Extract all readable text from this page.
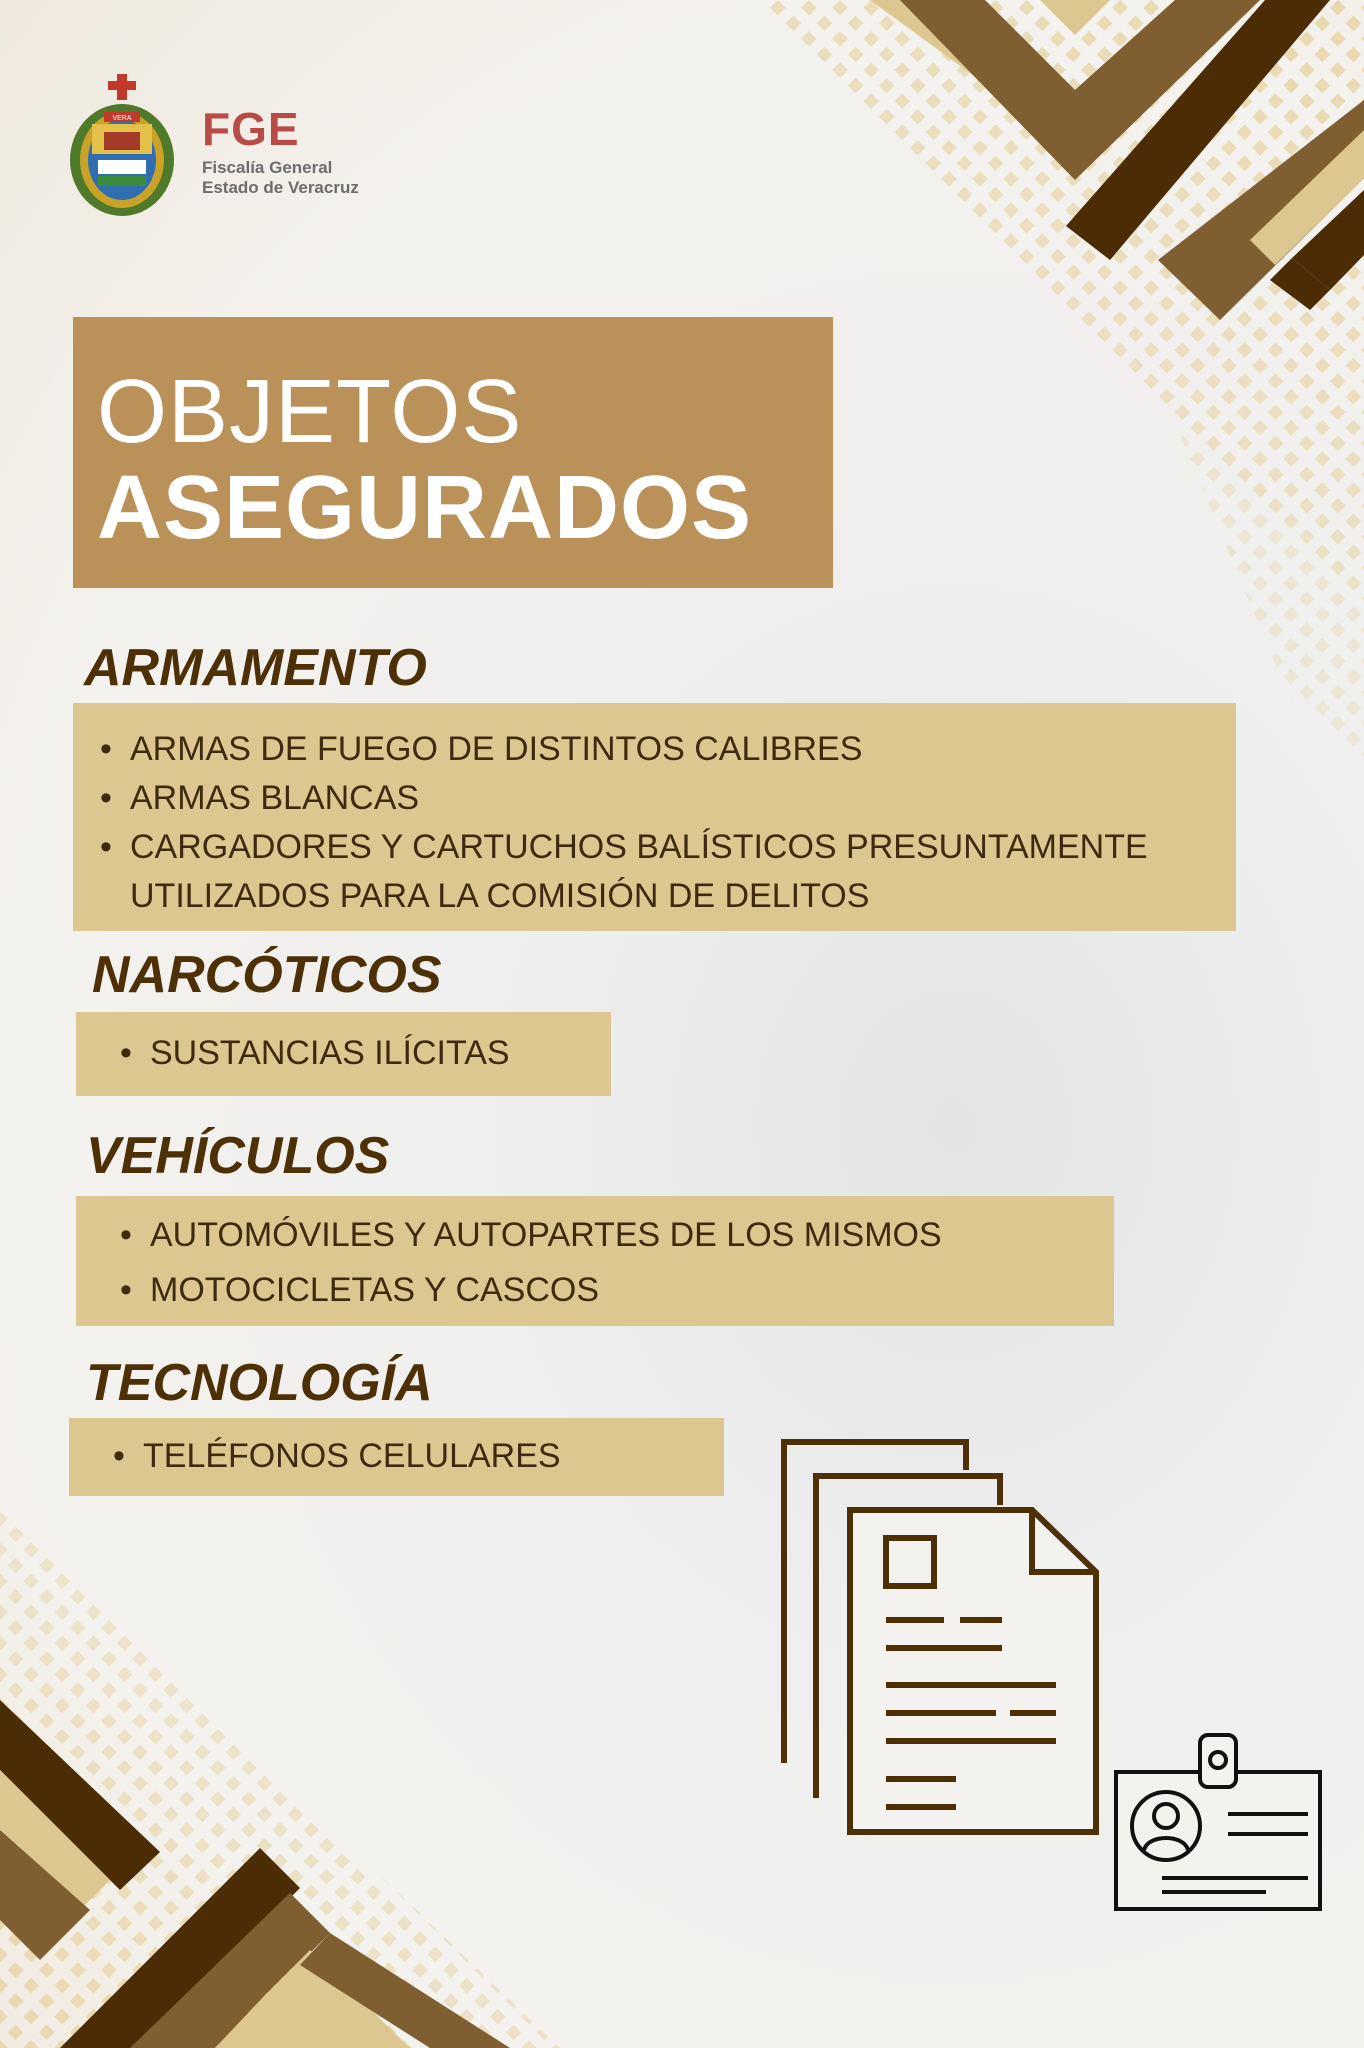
VERA FGE
Fiscalía General
Estado de Veracruz
OBJETOS
ASEGURADOS
ARMAMENTO
• ARMAS DE FUEGO DE DISTINTOS CALIBRES
• ARMAS BLANCAS
• CARGADORES Y CARTUCHOS BALÍSTICOS PRESUNTAMENTE
UTILIZADOS PARA LA COMISIÓN DE DELITOS
NARCÓTICOS
• SUSTANCIAS ILÍCITAS
VEHÍCULOS
• AUTOMÓVILES Y AUTOPARTES DE LOS MISMOS
• MOTOCICLETAS Y CASCOS
TECNOLOGÍA
• TELÉFONOS CELULARES
